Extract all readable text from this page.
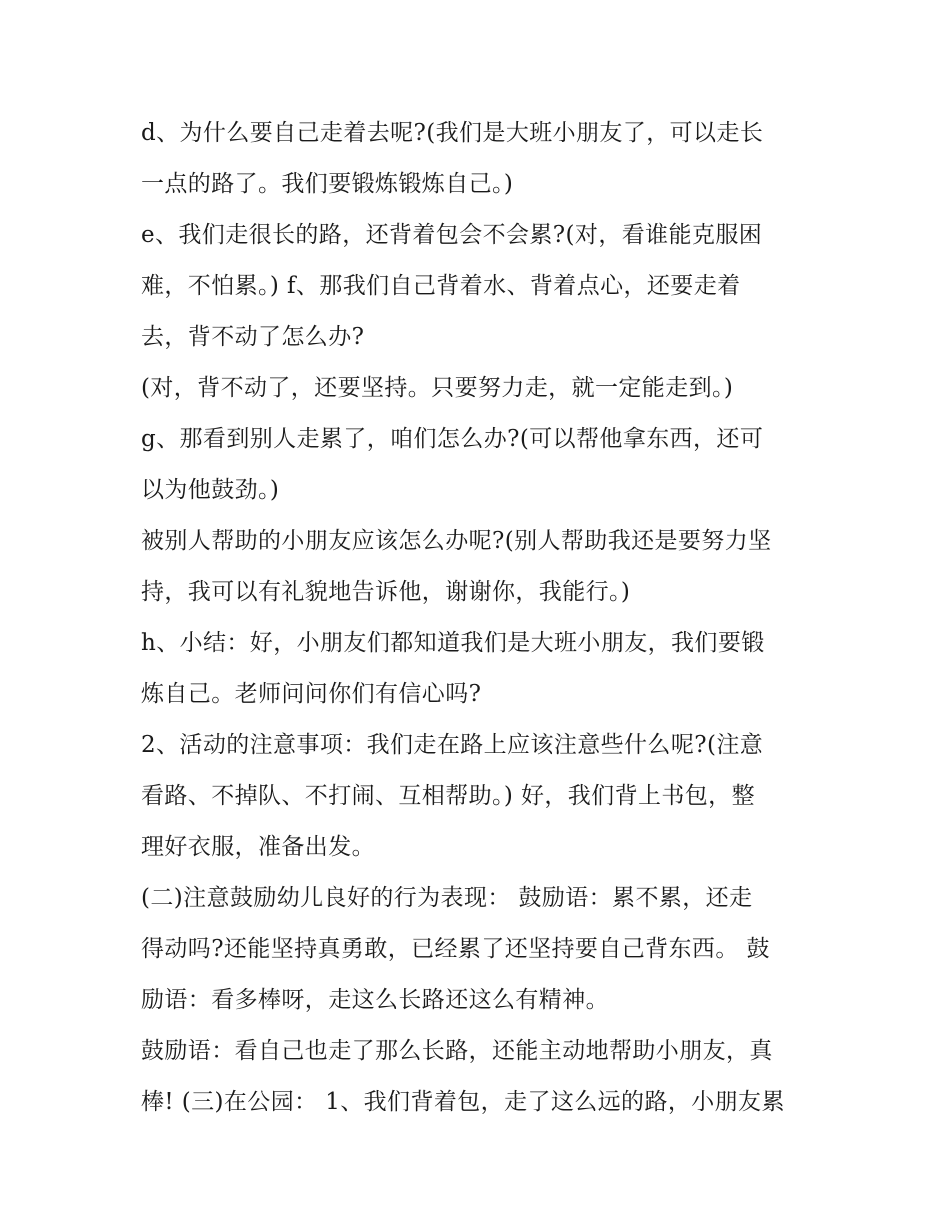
d、为什么要自己走着去呢?(我们是大班小朋友了，可以走长
一点的路了。我们要锻炼锻炼自己。)
e、我们走很长的路，还背着包会不会累?(对，看谁能克服困
难，不怕累。) f、那我们自己背着水、背着点心，还要走着
去，背不动了怎么办?
(对，背不动了，还要坚持。只要努力走，就一定能走到。)
g、那看到别人走累了，咱们怎么办?(可以帮他拿东西，还可
以为他鼓劲。)
被别人帮助的小朋友应该怎么办呢?(别人帮助我还是要努力坚
持，我可以有礼貌地告诉他，谢谢你，我能行。)
h、小结：好，小朋友们都知道我们是大班小朋友，我们要锻
炼自己。老师问问你们有信心吗?
2、活动的注意事项：我们走在路上应该注意些什么呢?(注意
看路、不掉队、不打闹、互相帮助。) 好，我们背上书包，整
理好衣服，准备出发。
(二)注意鼓励幼儿良好的行为表现： 鼓励语：累不累，还走
得动吗?还能坚持真勇敢，已经累了还坚持要自己背东西。 鼓
励语：看多棒呀，走这么长路还这么有精神。
鼓励语：看自己也走了那么长路，还能主动地帮助小朋友，真
棒! (三)在公园： 1、我们背着包，走了这么远的路，小朋友累
